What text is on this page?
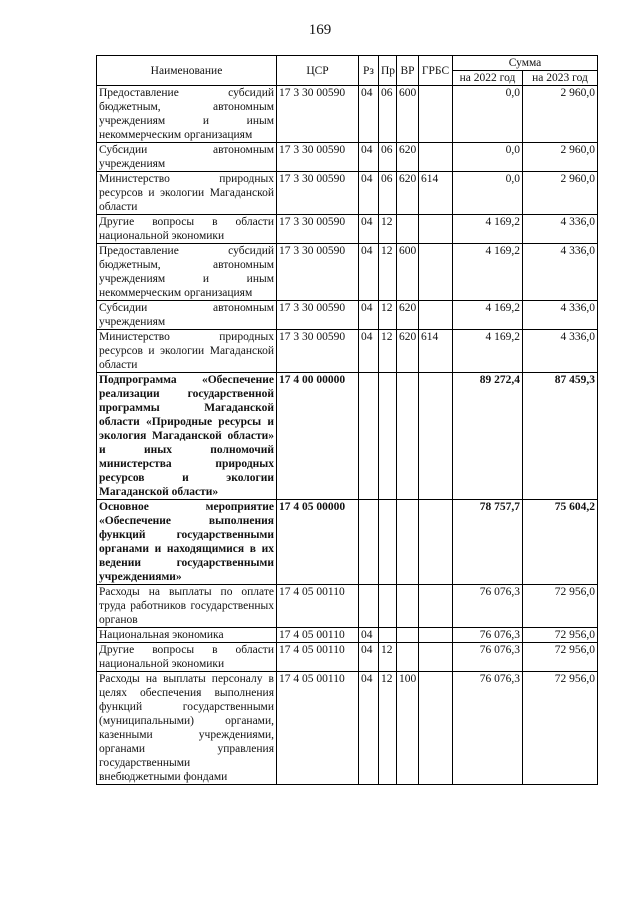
169
Наименование	ЦСР	Рз	Пр	ВР	ГРБС	Сумма	
						на 2022 год	на 2023 год
Предоставление субсидий бюджетным, автономным учреждениям и иным некоммерческим организациям	17 3 30 00590	04	06	600		0,0	2 960,0
Субсидии автономным учреждениям	17 3 30 00590	04	06	620		0,0	2 960,0
Министерство природных ресурсов и экологии Магаданской области	17 3 30 00590	04	06	620	614	0,0	2 960,0
Другие вопросы в области национальной экономики	17 3 30 00590	04	12			4 169,2	4 336,0
Предоставление субсидий бюджетным, автономным учреждениям и иным некоммерческим организациям	17 3 30 00590	04	12	600		4 169,2	4 336,0
Субсидии автономным учреждениям	17 3 30 00590	04	12	620		4 169,2	4 336,0
Министерство природных ресурсов и экологии Магаданской области	17 3 30 00590	04	12	620	614	4 169,2	4 336,0
Подпрограмма «Обеспечение реализации государственной программы Магаданской области «Природные ресурсы и экология Магаданской области» и иных полномочий министерства природных ресурсов и экологии Магаданской области»	17 4 00 00000					89 272,4	87 459,3
Основное мероприятие «Обеспечение выполнения функций государственными органами и находящимися в их ведении государственными учреждениями»	17 4 05 00000					78 757,7	75 604,2
Расходы на выплаты по оплате труда работников государственных органов	17 4 05 00110					76 076,3	72 956,0
Национальная экономика	17 4 05 00110	04				76 076,3	72 956,0
Другие вопросы в области национальной экономики	17 4 05 00110	04	12			76 076,3	72 956,0
Расходы на выплаты персоналу в целях обеспечения выполнения функций государственными (муниципальными) органами, казенными учреждениями, органами управления государственными внебюджетными фондами	17 4 05 00110	04	12	100		76 076,3	72 956,0
